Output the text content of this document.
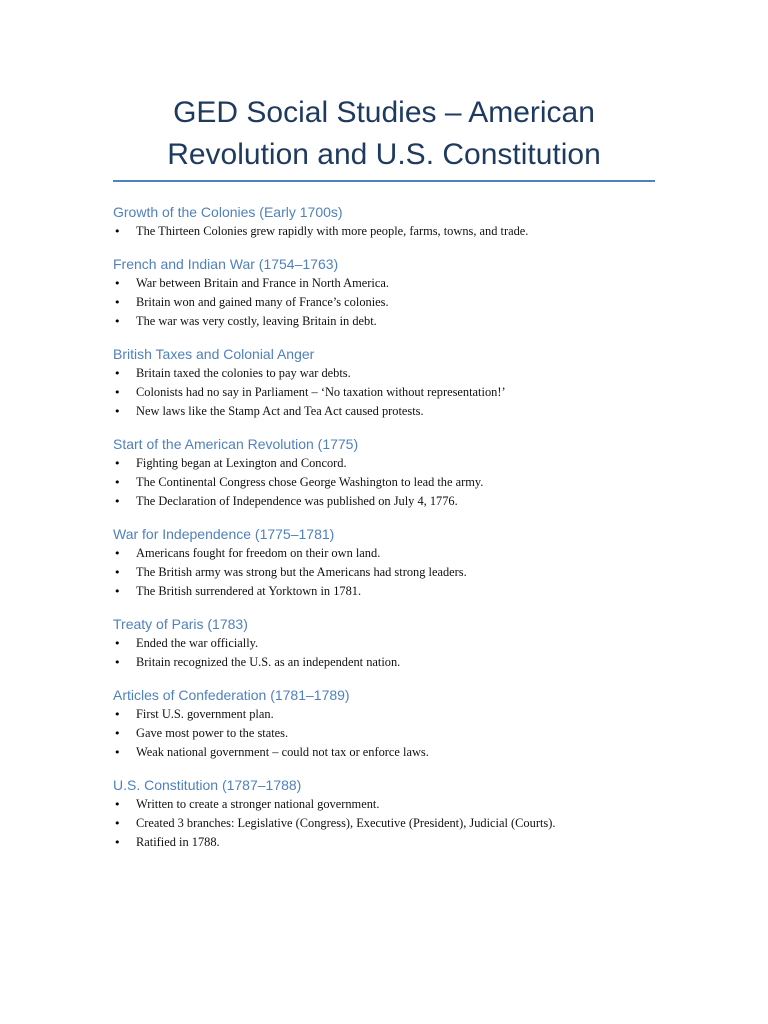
GED Social Studies – American
Revolution and U.S. Constitution
Growth of the Colonies (Early 1700s)
• The Thirteen Colonies grew rapidly with more people, farms, towns, and trade.
French and Indian War (1754–1763)
• War between Britain and France in North America.
• Britain won and gained many of France’s colonies.
• The war was very costly, leaving Britain in debt.
British Taxes and Colonial Anger
• Britain taxed the colonies to pay war debts.
• Colonists had no say in Parliament – ‘No taxation without representation!’
• New laws like the Stamp Act and Tea Act caused protests.
Start of the American Revolution (1775)
• Fighting began at Lexington and Concord.
• The Continental Congress chose George Washington to lead the army.
• The Declaration of Independence was published on July 4, 1776.
War for Independence (1775–1781)
• Americans fought for freedom on their own land.
• The British army was strong but the Americans had strong leaders.
• The British surrendered at Yorktown in 1781.
Treaty of Paris (1783)
• Ended the war officially.
• Britain recognized the U.S. as an independent nation.
Articles of Confederation (1781–1789)
• First U.S. government plan.
• Gave most power to the states.
• Weak national government – could not tax or enforce laws.
U.S. Constitution (1787–1788)
• Written to create a stronger national government.
• Created 3 branches: Legislative (Congress), Executive (President), Judicial (Courts).
• Ratified in 1788.
